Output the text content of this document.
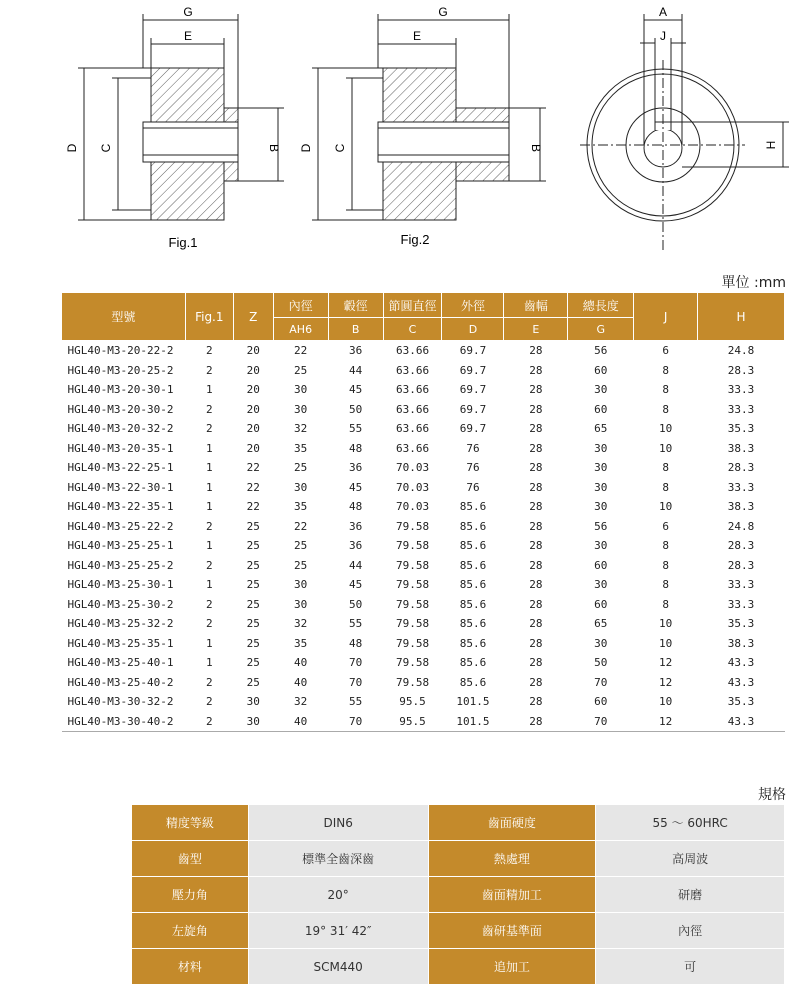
G
E
D C	B
Fig.1
G
E
D C	B
Fig.2
A
J
H
單位 :mm
型號	Fig.1	Z	內徑	轂徑	節圓直徑	外徑	齒幅	總長度	J	H
			AH6	B	C	D	E	G		
HGL40-M3-20-22-2	2	20	22	36	63.66	69.7	28	56	6	24.8
HGL40-M3-20-25-2	2	20	25	44	63.66	69.7	28	60	8	28.3
HGL40-M3-20-30-1	1	20	30	45	63.66	69.7	28	30	8	33.3
HGL40-M3-20-30-2	2	20	30	50	63.66	69.7	28	60	8	33.3
HGL40-M3-20-32-2	2	20	32	55	63.66	69.7	28	65	10	35.3
HGL40-M3-20-35-1	1	20	35	48	63.66	76	28	30	10	38.3
HGL40-M3-22-25-1	1	22	25	36	70.03	76	28	30	8	28.3
HGL40-M3-22-30-1	1	22	30	45	70.03	76	28	30	8	33.3
HGL40-M3-22-35-1	1	22	35	48	70.03	85.6	28	30	10	38.3
HGL40-M3-25-22-2	2	25	22	36	79.58	85.6	28	56	6	24.8
HGL40-M3-25-25-1	1	25	25	36	79.58	85.6	28	30	8	28.3
HGL40-M3-25-25-2	2	25	25	44	79.58	85.6	28	60	8	28.3
HGL40-M3-25-30-1	1	25	30	45	79.58	85.6	28	30	8	33.3
HGL40-M3-25-30-2	2	25	30	50	79.58	85.6	28	60	8	33.3
HGL40-M3-25-32-2	2	25	32	55	79.58	85.6	28	65	10	35.3
HGL40-M3-25-35-1	1	25	35	48	79.58	85.6	28	30	10	38.3
HGL40-M3-25-40-1	1	25	40	70	79.58	85.6	28	50	12	43.3
HGL40-M3-25-40-2	2	25	40	70	79.58	85.6	28	70	12	43.3
HGL40-M3-30-32-2	2	30	32	55	95.5	101.5	28	60	10	35.3
HGL40-M3-30-40-2	2	30	40	70	95.5	101.5	28	70	12	43.3
規格
精度等級	DIN6	齒面硬度	55 ～ 60HRC
齒型	標準全齒深齒	熱處理	高周波
壓力角	20°	齒面精加工	研磨
左旋角	19° 31′ 42″	齒研基準面	內徑
材料	SCM440	追加工	可
